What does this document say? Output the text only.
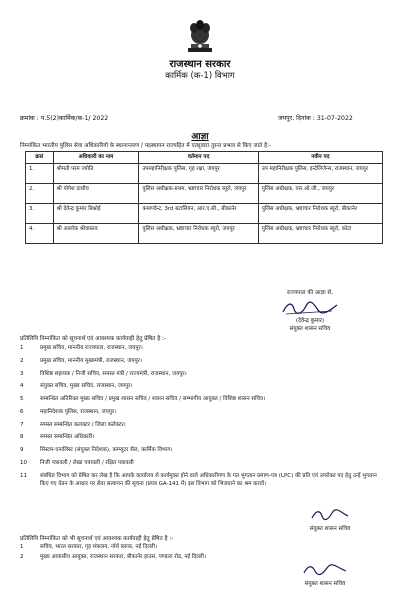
राजस्थान सरकार
कार्मिक (क-1) विभाग
क्रमांक : प.5(2)कार्मिक/क-1/ 2022	जयपुर, दिनांक : 31-07-2022
आज्ञा
निम्नांकित भारतीय पुलिस सेवा अधिकारियों के स्थानान्तरण / पदस्थापन राज्यहित में एतद्द्वारा तुरन्त प्रभाव से किए जाते है:-
क्रसं	अधिकारी का नाम	वर्तमान पद	नवीन पद
1.	श्रीमती परम ज्योति	उपमहानिरीक्षक पुलिस, गृह रक्षा, जयपुर	उप महानिरीक्षक पुलिस, इन्टेलिजेन्स, राजस्थान, जयपुर
2.	श्री योगेश दाधीच	पुलिस अधीक्षक-प्रथम, भ्रष्टाचार निरोधक ब्यूरो, जयपुर	पुलिस अधीक्षक, एस.ओ.जी., जयपुर
3.	श्री देवेन्द्र कुमार बिश्नोई	कमाण्डेन्ट, 3rd बटालियन, आर.ए.सी., बीकानेर	पुलिस अधीक्षक, भ्रष्टाचार निरोधक ब्यूरो, बीकानेर
4.	श्री आलोक श्रीवास्तव	पुलिस अधीक्षक, भ्रष्टाचार निरोधक ब्यूरो, जयपुर	पुलिस अधीक्षक, भ्रष्टाचार निरोधक ब्यूरो, कोटा
राज्यपाल की आज्ञा से,
(देवेन्द्र कुमार)
संयुक्त शासन सचिव
प्रतिलिपि निम्नांकित को सूचनार्थ एवं आवश्यक कार्यवाही हेतु प्रेषित है :-
1	प्रमुख सचिव, माननीय राज्यपाल, राजस्थान, जयपुर।
2	प्रमुख सचिव, माननीय मुख्यमंत्री, राजस्थान, जयपुर।
3	विशिष्ठ सहायक / निजी सचिव, समस्त मंत्री / राज्यमंत्री, राजस्थान, जयपुर।
4	संयुक्त सचिव, मुख्य सचिव, राजस्थान, जयपुर।
5	सम्बन्धित अतिरिक्त मुख्य सचिव / प्रमुख शासन सचिव / शासन सचिव / सम्भागीय आयुक्त / विशिष्ठ शासन सचिव।
6	महानिदेशक पुलिस, राजस्थान, जयपुर।
7	समस्त सम्बन्धित कलक्टर / जिला कलेक्टर।
8	समस्त सम्बन्धित अधिकारी।
9	सिस्टम-एनालिस्ट (संयुक्त निदेशक), कम्प्यूटर सैल, कार्मिक विभाग।
10	निजी पत्रावली / लेखा पत्रावली / रक्षित पत्रावली
11	संबंधित विभाग को प्रेषित कर लेख है कि आपके कार्यालय से कार्यमुक्त होने वाले अधिकारीगण के गत भुगतान प्रमाण-पत्र (LPC) की प्रति एवं उपरोक्त पद हेतु उन्हें भुगतान किए गए वेतन के आधार पर सेवा सत्यापन की सूचना (प्रपत्र GA-141 में) इस विभाग को भिजवाने का श्रम करावें।
संयुक्त शासन सचिव
प्रतिलिपि निम्नांकित को भी सूचनार्थ एवं आवश्यक कार्यवाही हेतु प्रेषित है :-
1	सचिव, भारत सरकार, गृह मंत्रालय, नॉर्थ ब्लाक, नई दिल्ली।
2	मुख्य आवासीय आयुक्त, राजस्थान सरकार, बीकानेर हाउस, पण्डारा रोड, नई दिल्ली।
संयुक्त शासन सचिव
